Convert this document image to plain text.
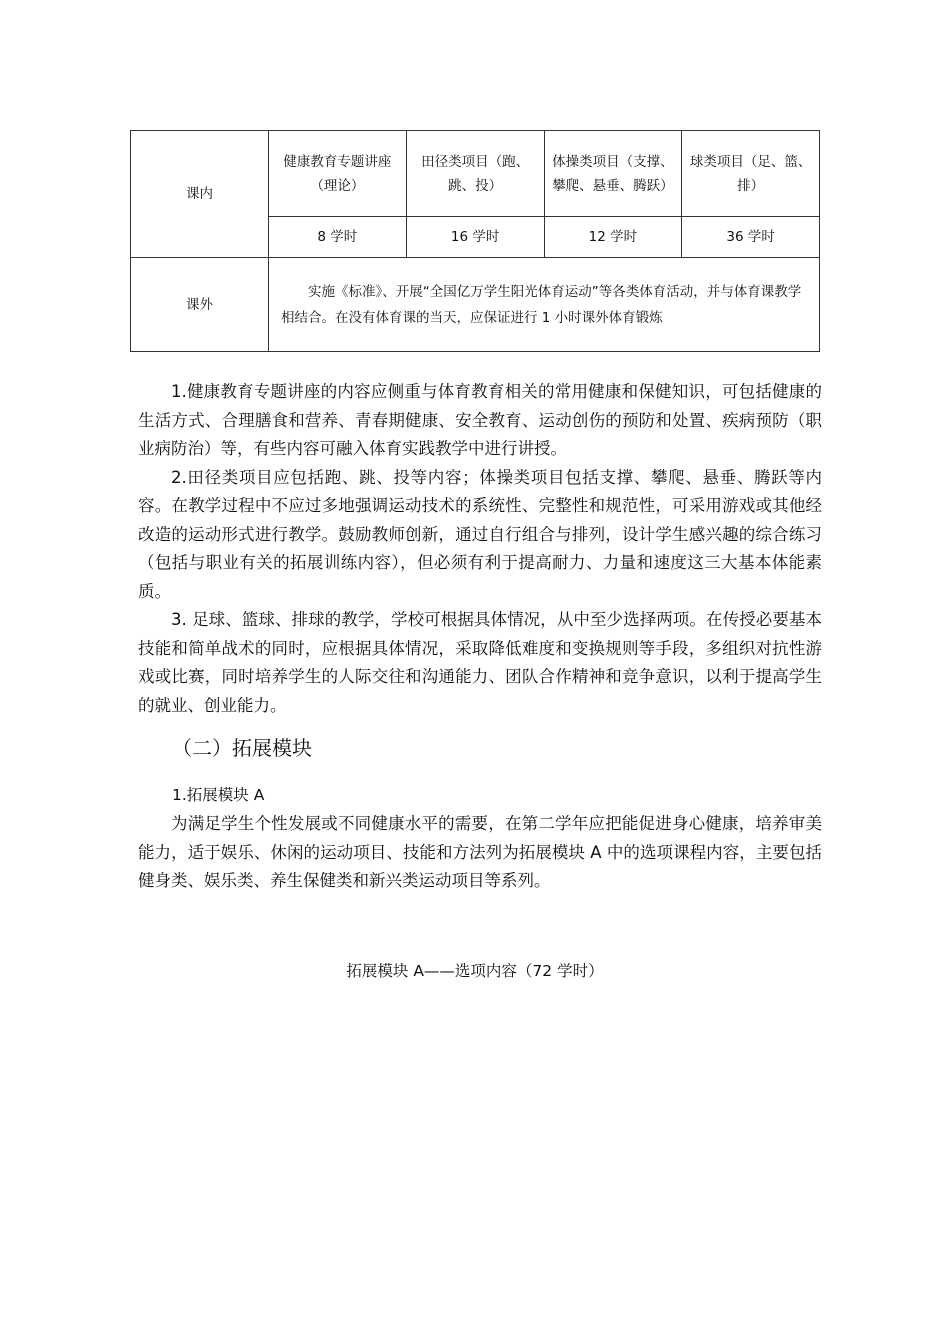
课内	健康教育专题讲座（理论）	田径类项目（跑、跳、投）	体操类项目（支撑、攀爬、悬垂、腾跃）	球类项目（足、篮、排）
	8 学时	16 学时	12 学时	36 学时
课外	实施《标准》、开展“全国亿万学生阳光体育运动”等各类体育活动，并与体育课教学相结合。在没有体育课的当天，应保证进行 1 小时课外体育锻炼			

1.健康教育专题讲座的内容应侧重与体育教育相关的常用健康和保健知识，可包括健康的生活方式、合理膳食和营养、青春期健康、安全教育、运动创伤的预防和处置、疾病预防（职业病防治）等，有些内容可融入体育实践教学中进行讲授。

2.田径类项目应包括跑、跳、投等内容；体操类项目包括支撑、攀爬、悬垂、腾跃等内容。在教学过程中不应过多地强调运动技术的系统性、完整性和规范性，可采用游戏或其他经改造的运动形式进行教学。鼓励教师创新，通过自行组合与排列，设计学生感兴趣的综合练习（包括与职业有关的拓展训练内容），但必须有利于提高耐力、力量和速度这三大基本体能素质。

3. 足球、篮球、排球的教学，学校可根据具体情况，从中至少选择两项。在传授必要基本技能和简单战术的同时，应根据具体情况，采取降低难度和变换规则等手段，多组织对抗性游戏或比赛，同时培养学生的人际交往和沟通能力、团队合作精神和竞争意识，以利于提高学生的就业、创业能力。

（二）拓展模块
1.拓展模块 A

为满足学生个性发展或不同健康水平的需要，在第二学年应把能促进身心健康，培养审美能力，适于娱乐、休闲的运动项目、技能和方法列为拓展模块 A 中的选项课程内容，主要包括健身类、娱乐类、养生保健类和新兴类运动项目等系列。

拓展模块 A——选项内容（72 学时）
